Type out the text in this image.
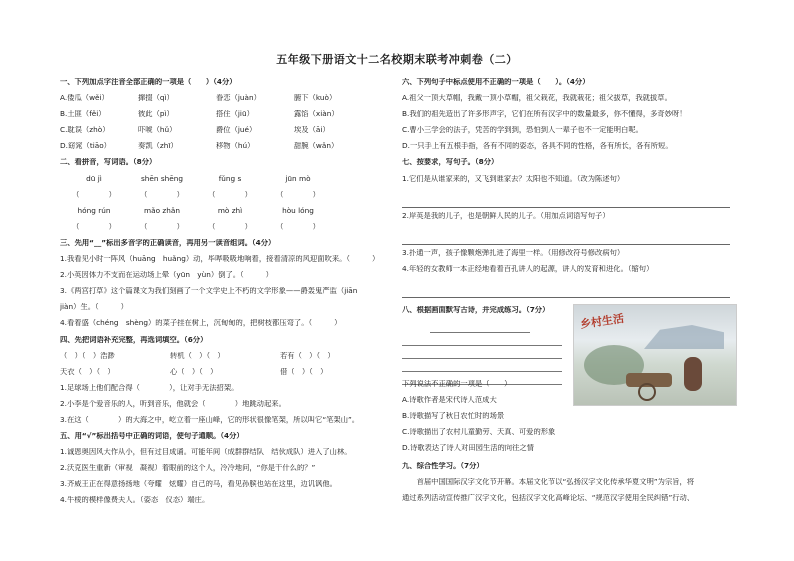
五年级下册语文十二名校期末联考冲刺卷（二）
一、下列加点字注音全部正确的一项是（　　）（4分）
A.倭瓜（wěi）	撺掇（qì）	眷恋（juàn）	腑下（kuò）
B.土匪（fěi）	彼此（pì）	搭住（jiū）	露馅（xiàn）
C.耽误（zhò）	吓唬（hǔ）	爵位（jué）	埃及（āi）
D.窈窕（tiāo）	奏凯（zhī）	移物（hú）	甜腕（wǎn）
二、看拼音，写词语。（8分）
dū jì	shēn shēng	fǔng s	jūn mò
（　　　　）	（　　　　）	（　　　　）	（　　　　）
hóng rún	mǎo zhǎn	mò zhì	hòu lóng
（　　　　）	（　　　　）	（　　　　）	（　　　　）
三、先用“__”标出多音字的正确读音，再用另一读音组词。（4分）
1.我看见小时一阵风（huāng　huǎng）动，毕哔吸吸地响着，接着清凉的风迎面吹来。（　　　）
2.小英因体力不支而在运动场上晕（yūn　yùn）倒了。（　　　）
3.《两宫打草》这个篇课文为我们刻画了一个文学史上不朽的文学形象——爵轰鬼严监（jiān
jiàn）生。（　　　）
4.看着盛（chéng　shèng）的菜子挂在树上，沉甸甸的，把树枝都压弯了。（　　　）
四、先把词语补充完整，再选词填空。（6分）
（　）（　）浩渺	转机（　）（　）	若有（　）（　）
天衣（　）（　）	心（　）（　）	借（　）（　）
1.足球场上他们配合得（　　　　），让对手无法招架。
2.小李是个爱音乐的人，听到音乐，他就会（　　　　）地跳动起来。
3.在这（　　　　）的大海之中，屹立着一座山峰，它的形状很像笔架，所以叫它“笔架山”。
五、用“√”标出括号中正确的词语，使句子通顺。（4分）
1.诚恩奥因风大作从小，但有过目成诵。可能年间（成群群结队　结伙成队）进入了山林。
2.沃克医生重新（审视　凝视）着眼前的这个人，冷冷地问，“你是干什么的？”
3.齐威王正在得意扬扬地（夸耀　炫耀）自己的马，看见孙膑也站在这里，边讥讽他。
4.牛棱的模样像费夫人。（姿态　仪态）端庄。
六、下列句子中标点使用不正确的一项是（　　）。（4分）
A.祖父一顶大草帽，我戴一顶小草帽，祖父栽花，我就栽花；祖父拔草，我就拔草。
B.我们的祖先造出了许多形声字，它们在所有汉字中的数量最多，你不懂得，多奇妙呀！
C.曹小三学会的法子，凭苦的学到到，恐怕到人一辈子也不一定能明白呢。
D.一只手上有五根手指，各有不同的姿态，各具不同的性格，各有所长，各有所短。
七、按要求，写句子。（8分）
1.它们是从谁家来的，又飞到谁家去？太阳也不知道。（改为陈述句）
2.岸英是我的儿子，也是朝鲜人民的儿子。（用加点词语写句子）
3.扑通一声，孩子像颗炮弹扎进了海里一样。（用修改符号修改病句）
4.年轻的女教师一本正经地看着百孔讲人的起源，讲人的发育和进化。（缩句）
八、根据画面默写古诗，并完成练习。（7分）
乡村生活
下列说法不正确的一项是（　　）
A.诗歌作者是宋代诗人范成大
B.诗歌描写了秋日农忙时的场景
C.诗歌描出了农村儿童勤劳、天真、可爱的形象
D.诗歌表达了诗人对田园生活的向往之情
九、综合性学习。（7分）
　　首届中国国际汉字文化节开幕。本届文化节以“弘扬汉字文化传承华夏文明”为宗旨，将
通过系列活动宣传推广汉字文化，包括汉字文化高峰论坛、“规范汉字使用全民纠错”行动、
